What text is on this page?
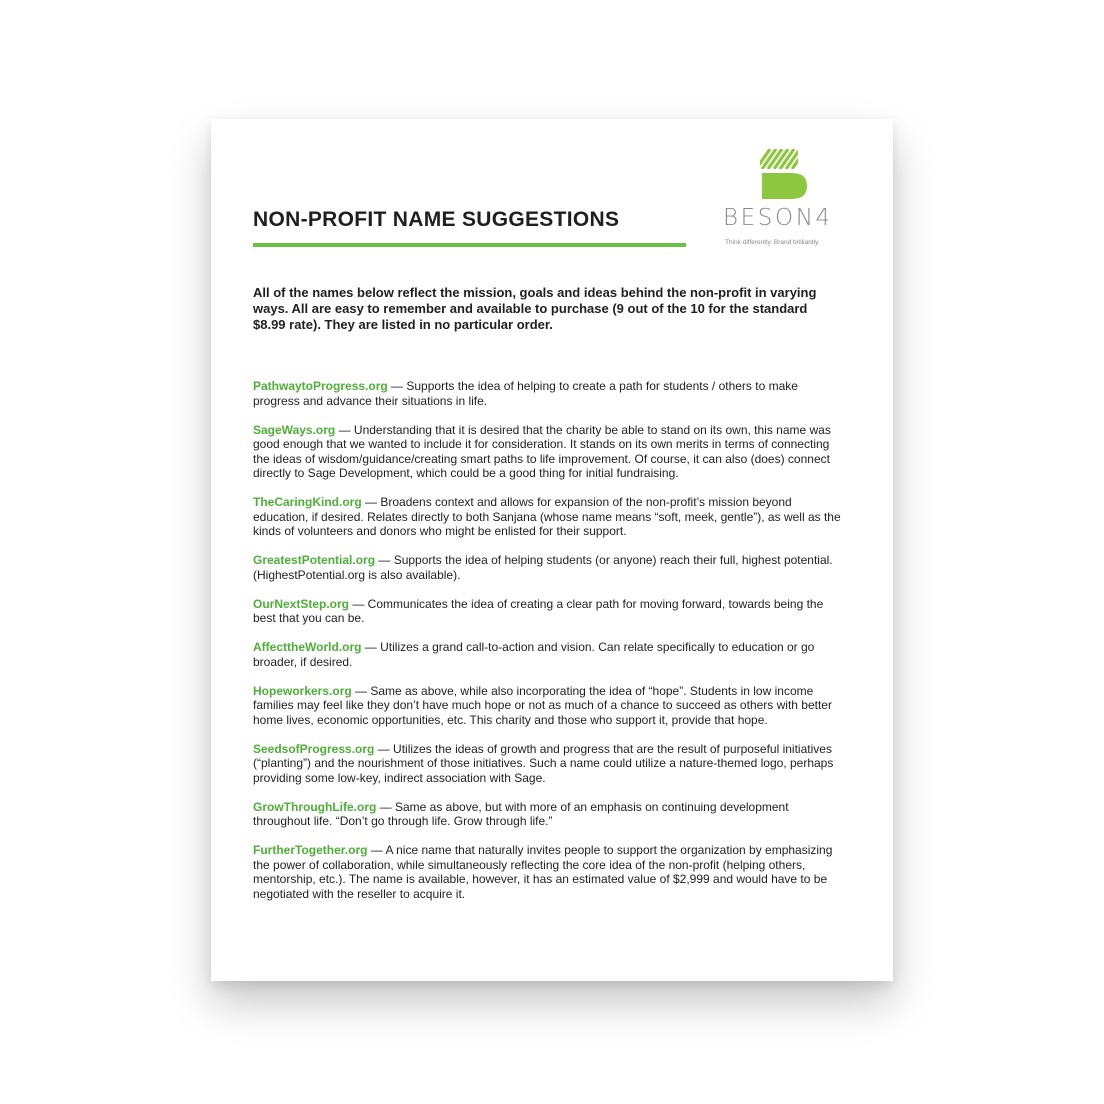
BESON4
Think differently. Brand brilliantly.
NON-PROFIT NAME SUGGESTIONS

All of the names below reflect the mission, goals and ideas behind the non-profit in varying ways. All are easy to remember and available to purchase (9 out of the 10 for the standard $8.99 rate). They are listed in no particular order.

PathwaytoProgress.org — Supports the idea of helping to create a path for students / others to make progress and advance their situations in life.

SageWays.org — Understanding that it is desired that the charity be able to stand on its own, this name was good enough that we wanted to include it for consideration. It stands on its own merits in terms of connecting the ideas of wisdom/guidance/creating smart paths to life improvement. Of course, it can also (does) connect directly to Sage Development, which could be a good thing for initial fundraising.

TheCaringKind.org — Broadens context and allows for expansion of the non-profit’s mission beyond education, if desired. Relates directly to both Sanjana (whose name means “soft, meek, gentle”), as well as the kinds of volunteers and donors who might be enlisted for their support.

GreatestPotential.org — Supports the idea of helping students (or anyone) reach their full, highest potential. (HighestPotential.org is also available).

OurNextStep.org — Communicates the idea of creating a clear path for moving forward, towards being the best that you can be.

AffecttheWorld.org — Utilizes a grand call-to-action and vision. Can relate specifically to education or go broader, if desired.

Hopeworkers.org — Same as above, while also incorporating the idea of “hope”. Students in low income families may feel like they don’t have much hope or not as much of a chance to succeed as others with better home lives, economic opportunities, etc. This charity and those who support it, provide that hope.

SeedsofProgress.org — Utilizes the ideas of growth and progress that are the result of purposeful initiatives (“planting”) and the nourishment of those initiatives. Such a name could utilize a nature-themed logo, perhaps providing some low-key, indirect association with Sage.

GrowThroughLife.org — Same as above, but with more of an emphasis on continuing development throughout life. “Don’t go through life. Grow through life.”

FurtherTogether.org — A nice name that naturally invites people to support the organization by emphasizing the power of collaboration, while simultaneously reflecting the core idea of the non-profit (helping others, mentorship, etc.). The name is available, however, it has an estimated value of $2,999 and would have to be negotiated with the reseller to acquire it.
